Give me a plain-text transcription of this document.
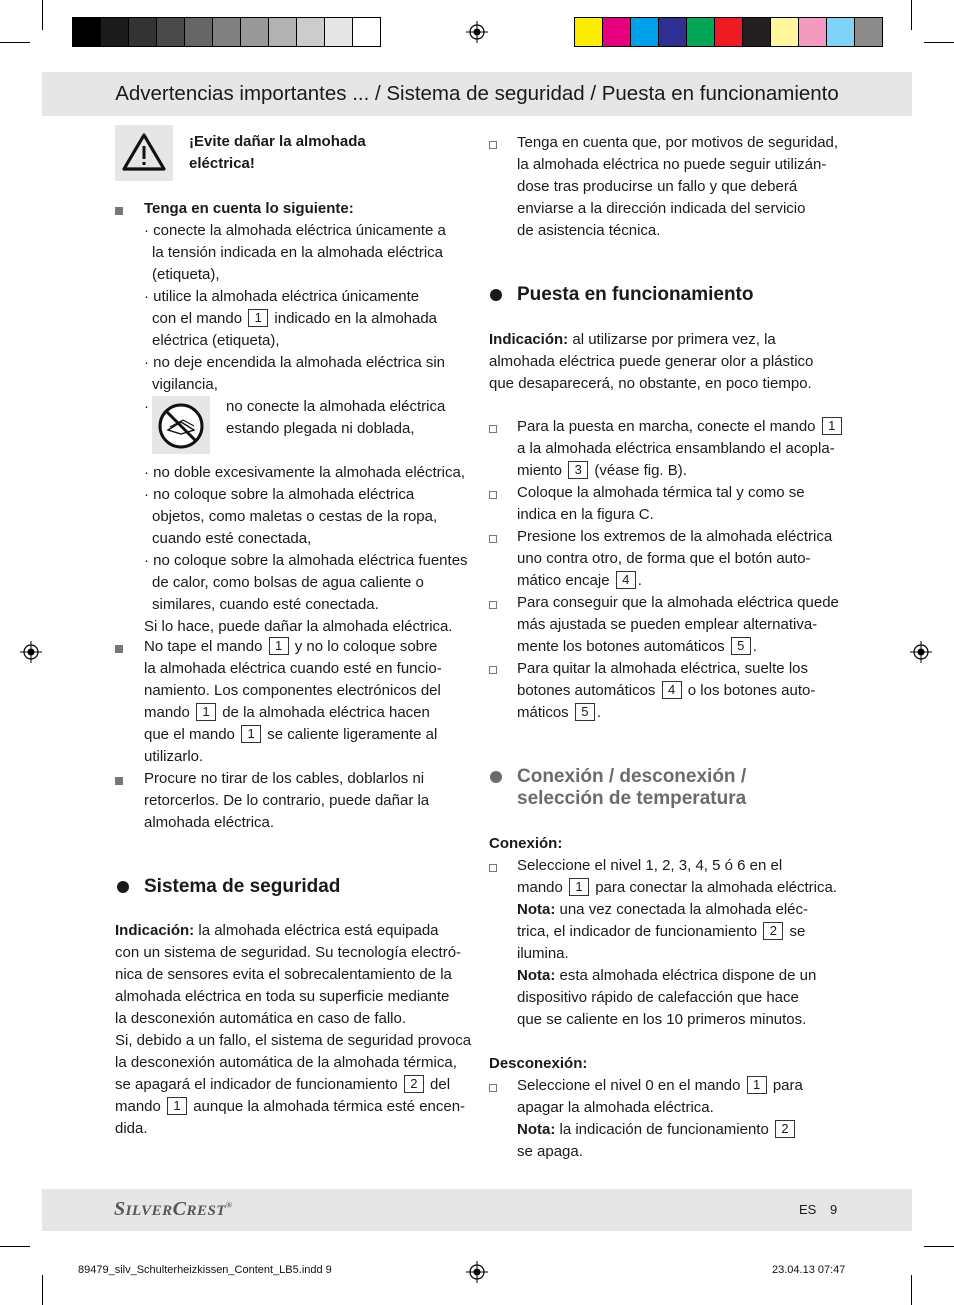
Advertencias importantes ... / Sistema de seguridad / Puesta en funcionamiento
¡Evite dañar la almohada eléctrica!

Tenga en cuenta lo siguiente:

· conecte la almohada eléctrica únicamente a

la tensión indicada en la almohada eléctrica

(etiqueta),

· utilice la almohada eléctrica únicamente

con el mando 1 indicado en la almohada

eléctrica (etiqueta),

· no deje encendida la almohada eléctrica sin

vigilancia,

·	no conecte la almohada eléctrica
estando plegada ni doblada,

· no doble excesivamente la almohada eléctrica,

· no coloque sobre la almohada eléctrica

objetos, como maletas o cestas de la ropa,

cuando esté conectada,

· no coloque sobre la almohada eléctrica fuentes

de calor, como bolsas de agua caliente o

similares, cuando esté conectada.

Si lo hace, puede dañar la almohada eléctrica.

No tape el mando 1 y no lo coloque sobre

la almohada eléctrica cuando esté en funcio-

namiento. Los componentes electrónicos del

mando 1 de la almohada eléctrica hacen

que el mando 1 se caliente ligeramente al

utilizarlo.

Procure no tirar de los cables, doblarlos ni

retorcerlos. De lo contrario, puede dañar la

almohada eléctrica.

Sistema de seguridad

Indicación: la almohada eléctrica está equipada

con un sistema de seguridad. Su tecnología electró-

nica de sensores evita el sobrecalentamiento de la

almohada eléctrica en toda su superficie mediante

la desconexión automática en caso de fallo.

Si, debido a un fallo, el sistema de seguridad provoca

la desconexión automática de la almohada térmica,

se apagará el indicador de funcionamiento 2 del

mando 1 aunque la almohada térmica esté encen-

dida.

Tenga en cuenta que, por motivos de seguridad,

la almohada eléctrica no puede seguir utilizán-

dose tras producirse un fallo y que deberá

enviarse a la dirección indicada del servicio

de asistencia técnica.

Puesta en funcionamiento

Indicación: al utilizarse por primera vez, la

almohada eléctrica puede generar olor a plástico

que desaparecerá, no obstante, en poco tiempo.

Para la puesta en marcha, conecte el mando 1

a la almohada eléctrica ensamblando el acopla-

miento 3 (véase fig. B).

Coloque la almohada térmica tal y como se

indica en la figura C.

Presione los extremos de la almohada eléctrica

uno contra otro, de forma que el botón auto-

mático encaje 4 .

Para conseguir que la almohada eléctrica quede

más ajustada se pueden emplear alternativa-

mente los botones automáticos 5 .

Para quitar la almohada eléctrica, suelte los

botones automáticos 4 o los botones auto-

máticos 5 .

Conexión / desconexión /
selección de temperatura
Conexión:

Seleccione el nivel 1, 2, 3, 4, 5 ó 6 en el

mando 1 para conectar la almohada eléctrica.

Nota: una vez conectada la almohada eléc-

trica, el indicador de funcionamiento 2 se

ilumina.

Nota: esta almohada eléctrica dispone de un

dispositivo rápido de calefacción que hace

que se caliente en los 10 primeros minutos.

Desconexión:

Seleccione el nivel 0 en el mando 1 para

apagar la almohada eléctrica.

Nota: la indicación de funcionamiento 2

se apaga.

SILVERCREST®	ES 9
89479_silv_Schulterheizkissen_Content_LB5.indd 9	23.04.13 07:47
